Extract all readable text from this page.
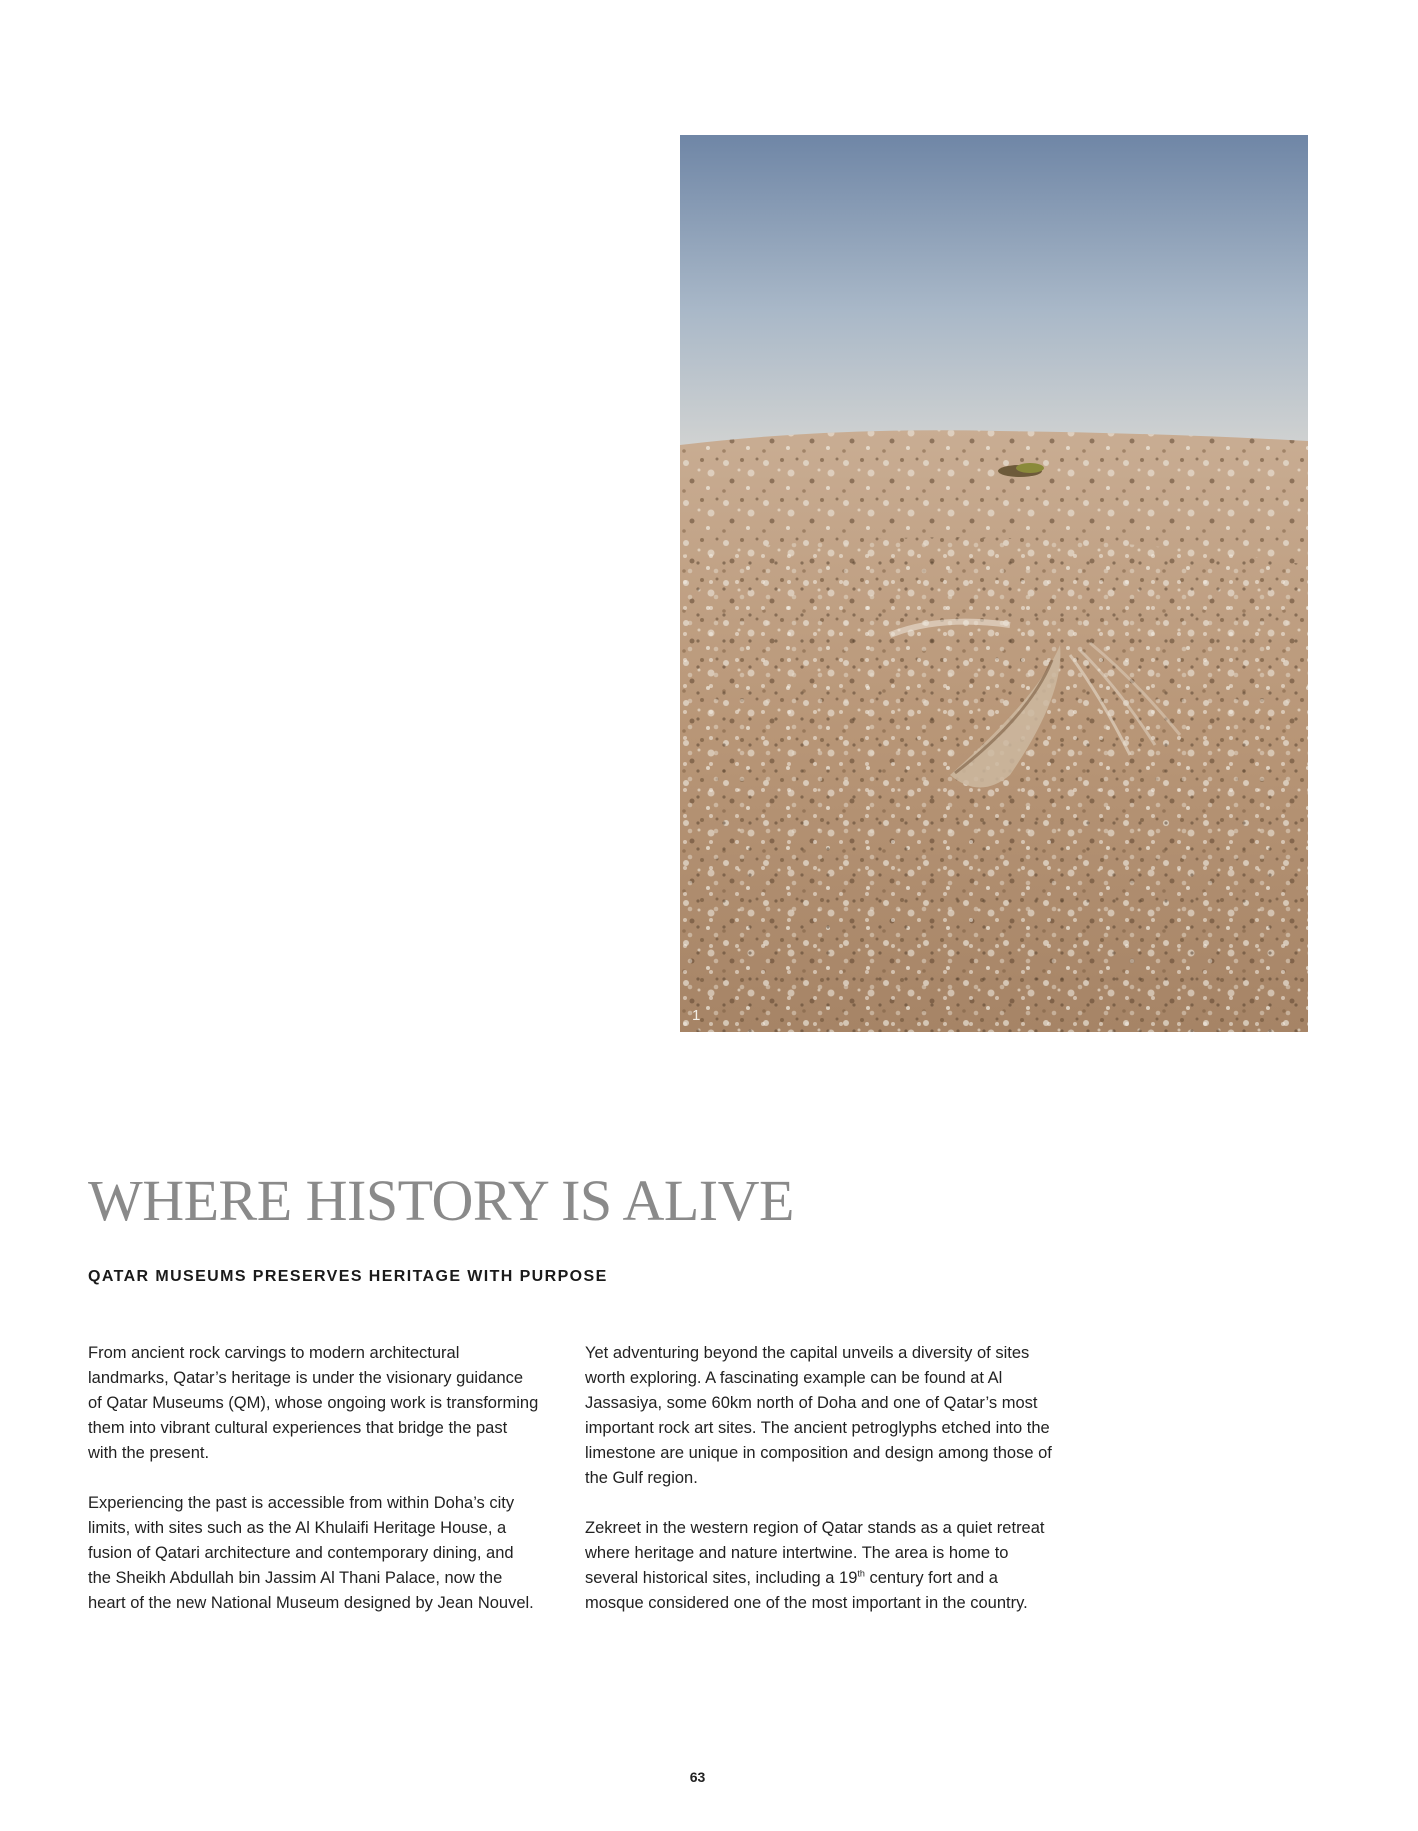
1
WHERE HISTORY IS ALIVE
QATAR MUSEUMS PRESERVES HERITAGE WITH PURPOSE

From ancient rock carvings to modern architectural
landmarks, Qatar’s heritage is under the visionary guidance
of Qatar Museums (QM), whose ongoing work is transforming
them into vibrant cultural experiences that bridge the past
with the present.

Experiencing the past is accessible from within Doha’s city
limits, with sites such as the Al Khulaifi Heritage House, a
fusion of Qatari architecture and contemporary dining, and
the Sheikh Abdullah bin Jassim Al Thani Palace, now the
heart of the new National Museum designed by Jean Nouvel.

Yet adventuring beyond the capital unveils a diversity of sites
worth exploring. A fascinating example can be found at Al
Jassasiya, some 60km north of Doha and one of Qatar’s most
important rock art sites. The ancient petroglyphs etched into the
limestone are unique in composition and design among those of
the Gulf region.

Zekreet in the western region of Qatar stands as a quiet retreat
where heritage and nature intertwine. The area is home to
several historical sites, including a 19th century fort and a
mosque considered one of the most important in the country.

63
